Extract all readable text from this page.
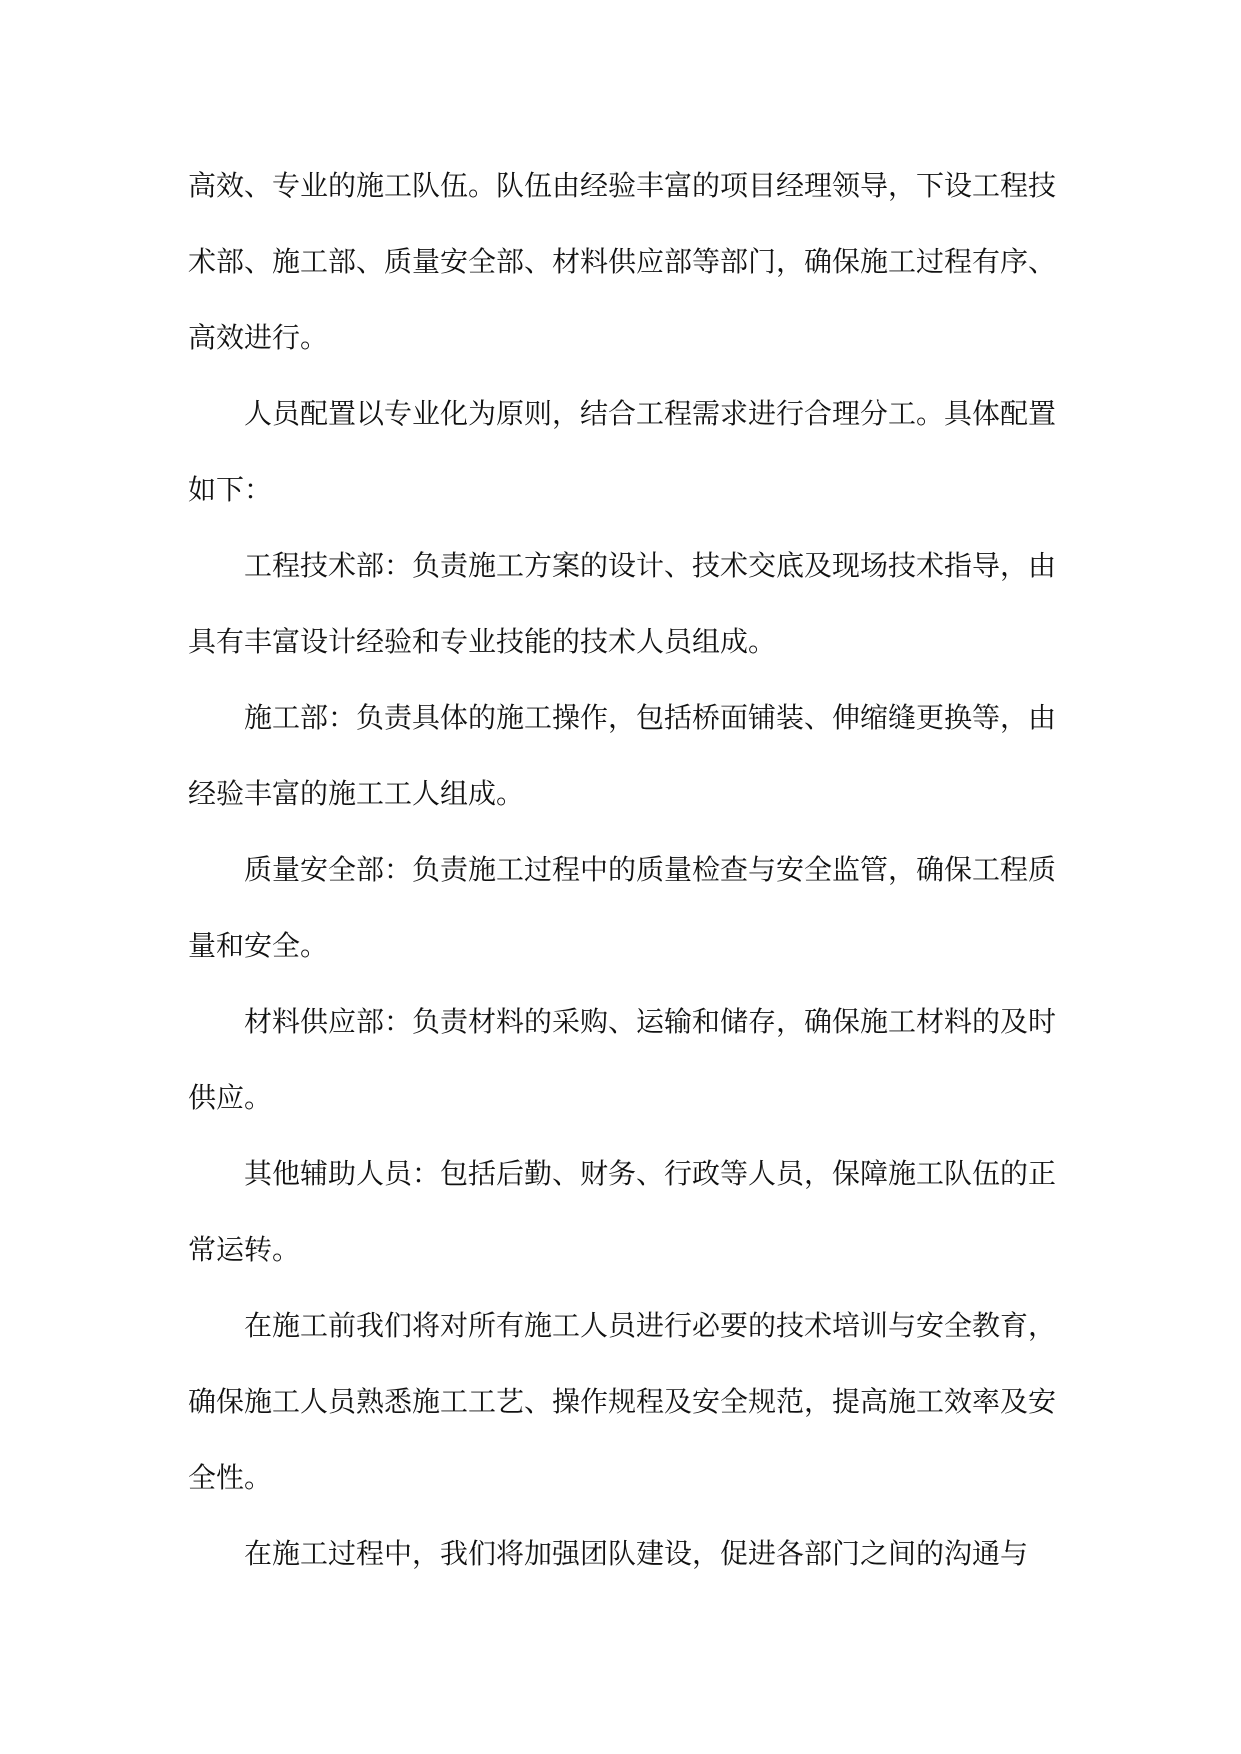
高效、专业的施工队伍。队伍由经验丰富的项目经理领导，下设工程技术部、施工部、质量安全部、材料供应部等部门，确保施工过程有序、高效进行。

人员配置以专业化为原则，结合工程需求进行合理分工。具体配置如下：

工程技术部：负责施工方案的设计、技术交底及现场技术指导，由具有丰富设计经验和专业技能的技术人员组成。

施工部：负责具体的施工操作，包括桥面铺装、伸缩缝更换等，由经验丰富的施工工人组成。

质量安全部：负责施工过程中的质量检查与安全监管，确保工程质量和安全。

材料供应部：负责材料的采购、运输和储存，确保施工材料的及时供应。

其他辅助人员：包括后勤、财务、行政等人员，保障施工队伍的正常运转。

在施工前我们将对所有施工人员进行必要的技术培训与安全教育，确保施工人员熟悉施工工艺、操作规程及安全规范，提高施工效率及安全性。

在施工过程中，我们将加强团队建设，促进各部门之间的沟通与
